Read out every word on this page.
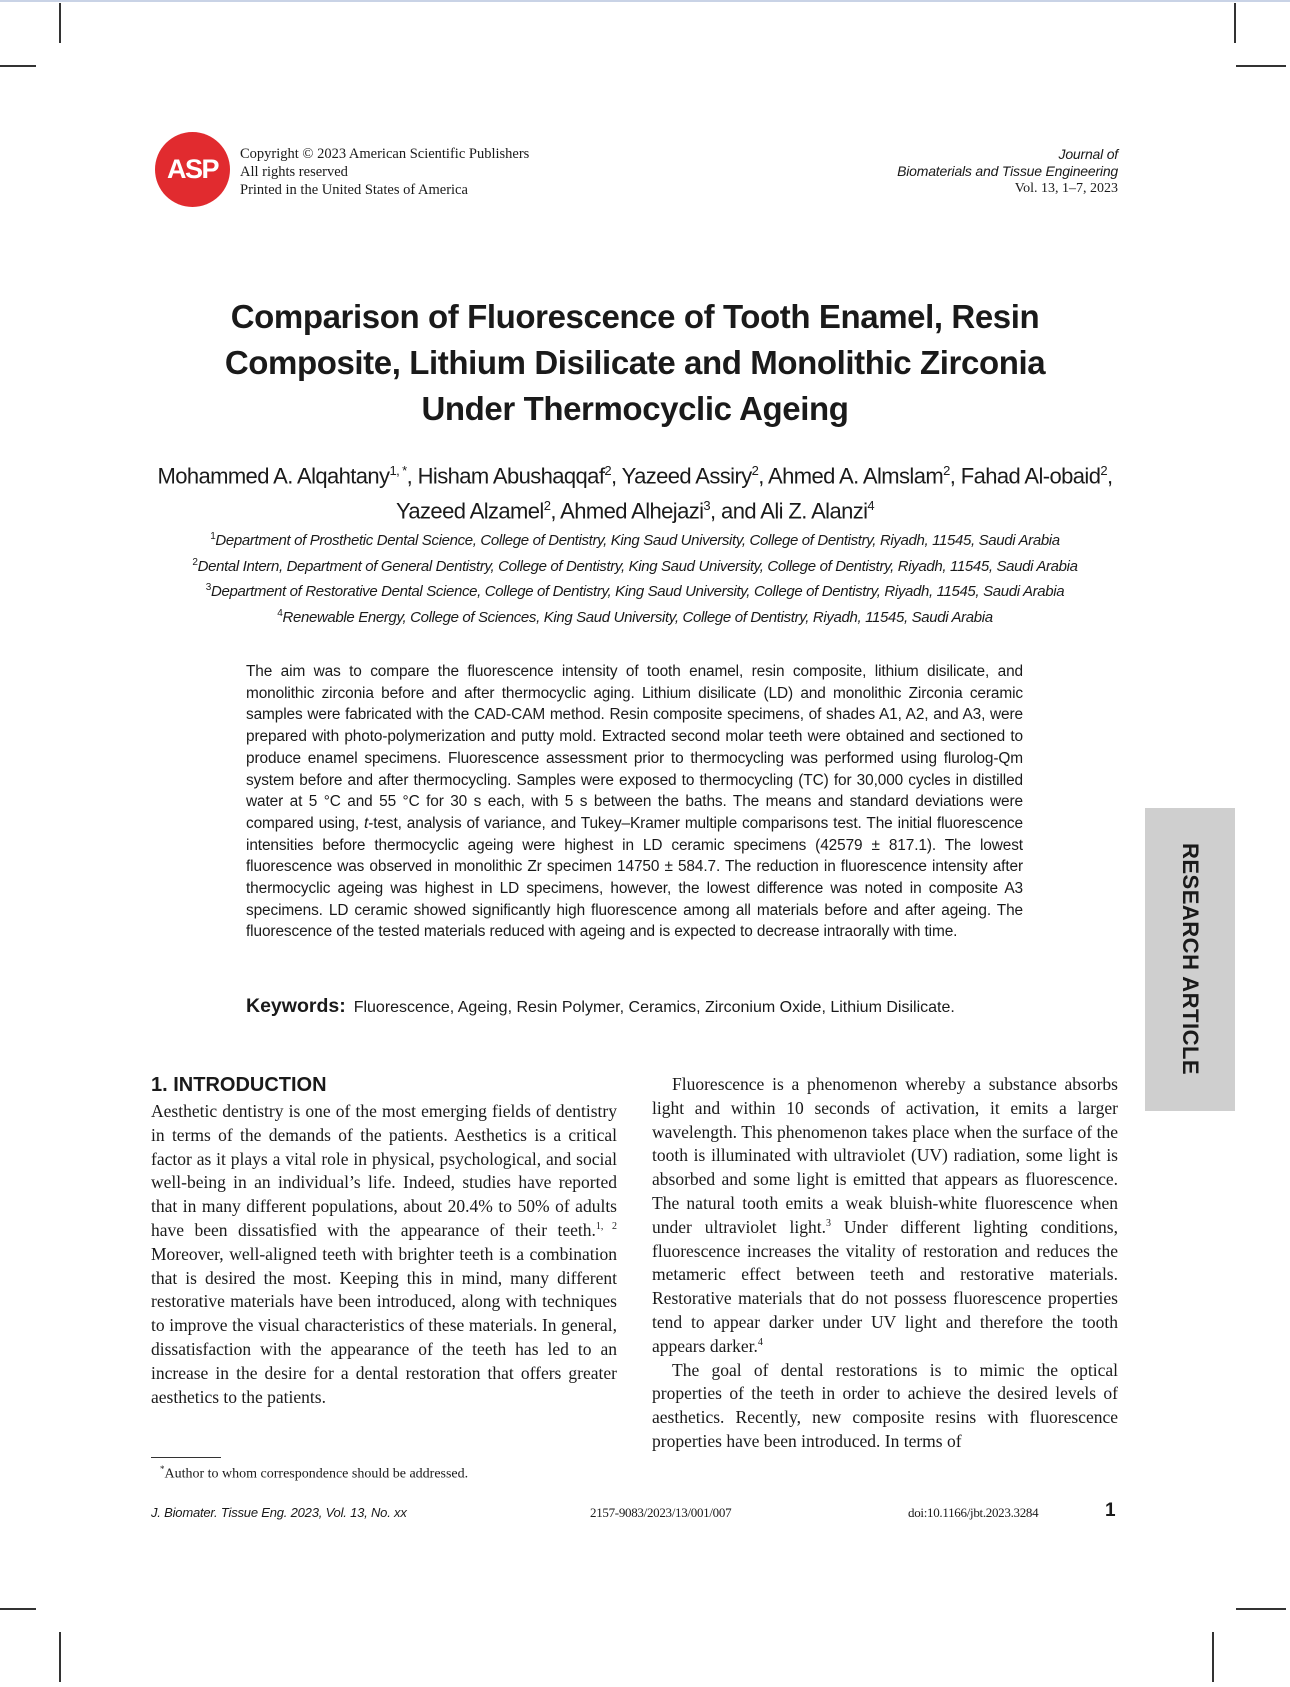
ASP Copyright © 2023 American Scientific Publishers
All rights reserved
Printed in the United States of America
Journal of
Biomaterials and Tissue Engineering
Vol. 13, 1–7, 2023
Comparison of Fluorescence of Tooth Enamel, Resin
Composite, Lithium Disilicate and Monolithic Zirconia
Under Thermocyclic Ageing
Mohammed A. Alqahtany$^{1, *}$, Hisham Abushaqqaf$^2$, Yazeed Assiry$^2$, Ahmed A. Almslam$^2$, Fahad Al-obaid$^2$, Yazeed Alzamel$^2$, Ahmed Alhejazi$^3$, and Ali Z. Alanzi$^4$
$^1$Department of Prosthetic Dental Science, College of Dentistry, King Saud University, College of Dentistry, Riyadh, 11545, Saudi Arabia
$^2$Dental Intern, Department of General Dentistry, College of Dentistry, King Saud University, College of Dentistry, Riyadh, 11545, Saudi Arabia
$^3$Department of Restorative Dental Science, College of Dentistry, King Saud University, College of Dentistry, Riyadh, 11545, Saudi Arabia
$^4$Renewable Energy, College of Sciences, King Saud University, College of Dentistry, Riyadh, 11545, Saudi Arabia
The aim was to compare the fluorescence intensity of tooth enamel, resin composite, lithium disilicate, and monolithic zirconia before and after thermocyclic aging. Lithium disilicate (LD) and monolithic Zirconia ceramic samples were fabricated with the CAD-CAM method. Resin composite specimens, of shades A1, A2, and A3, were prepared with photo-polymerization and putty mold. Extracted second molar teeth were obtained and sectioned to produce enamel specimens. Fluorescence assessment prior to thermocycling was performed using flurolog-Qm system before and after thermocycling. Samples were exposed to thermocycling (TC) for 30,000 cycles in distilled water at 5 °C and 55 °C for 30 s each, with 5 s between the baths. The means and standard deviations were compared using, t-test, analysis of variance, and Tukey–Kramer multiple comparisons test. The initial fluorescence intensities before thermocyclic ageing were highest in LD ceramic specimens (42579 ± 817.1). The lowest fluorescence was observed in monolithic Zr specimen 14750 ± 584.7. The reduction in fluorescence intensity after thermocyclic ageing was highest in LD specimens, however, the lowest difference was noted in composite A3 specimens. LD ceramic showed significantly high fluorescence among all materials before and after ageing. The fluorescence of the tested materials reduced with ageing and is expected to decrease intraorally with time.
Keywords: Fluorescence, Ageing, Resin Polymer, Ceramics, Zirconium Oxide, Lithium Disilicate.	RESEARCH ARTICLE
1. INTRODUCTION

Aesthetic dentistry is one of the most emerging fields of dentistry in terms of the demands of the patients. Aesthetics is a critical factor as it plays a vital role in physical, psychological, and social well-being in an individual’s life. Indeed, studies have reported that in many different populations, about 20.4% to 50% of adults have been dissatisfied with the appearance of their teeth.$^{1, 2}$ Moreover, well-aligned teeth with brighter teeth is a combination that is desired the most. Keeping this in mind, many different restorative materials have been introduced, along with techniques to improve the visual characteristics of these materials. In general, dissatisfaction with the appearance of the teeth has led to an increase in the desire for a dental restoration that offers greater aesthetics to the patients.

Fluorescence is a phenomenon whereby a substance absorbs light and within 10 seconds of activation, it emits a larger wavelength. This phenomenon takes place when the surface of the tooth is illuminated with ultraviolet (UV) radiation, some light is absorbed and some light is emitted that appears as fluorescence. The natural tooth emits a weak bluish-white fluorescence when under ultraviolet light.$^3$ Under different lighting conditions, fluorescence increases the vitality of restoration and reduces the metameric effect between teeth and restorative materials. Restorative materials that do not possess fluorescence properties tend to appear darker under UV light and therefore the tooth appears darker.$^4$

The goal of dental restorations is to mimic the optical properties of the teeth in order to achieve the desired levels of aesthetics. Recently, new composite resins with fluorescence properties have been introduced. In terms of

*Author to whom correspondence should be addressed.
J. Biomater. Tissue Eng. 2023, Vol. 13, No. xx	2157-9083/2023/13/001/007	doi:10.1166/jbt.2023.3284	1
